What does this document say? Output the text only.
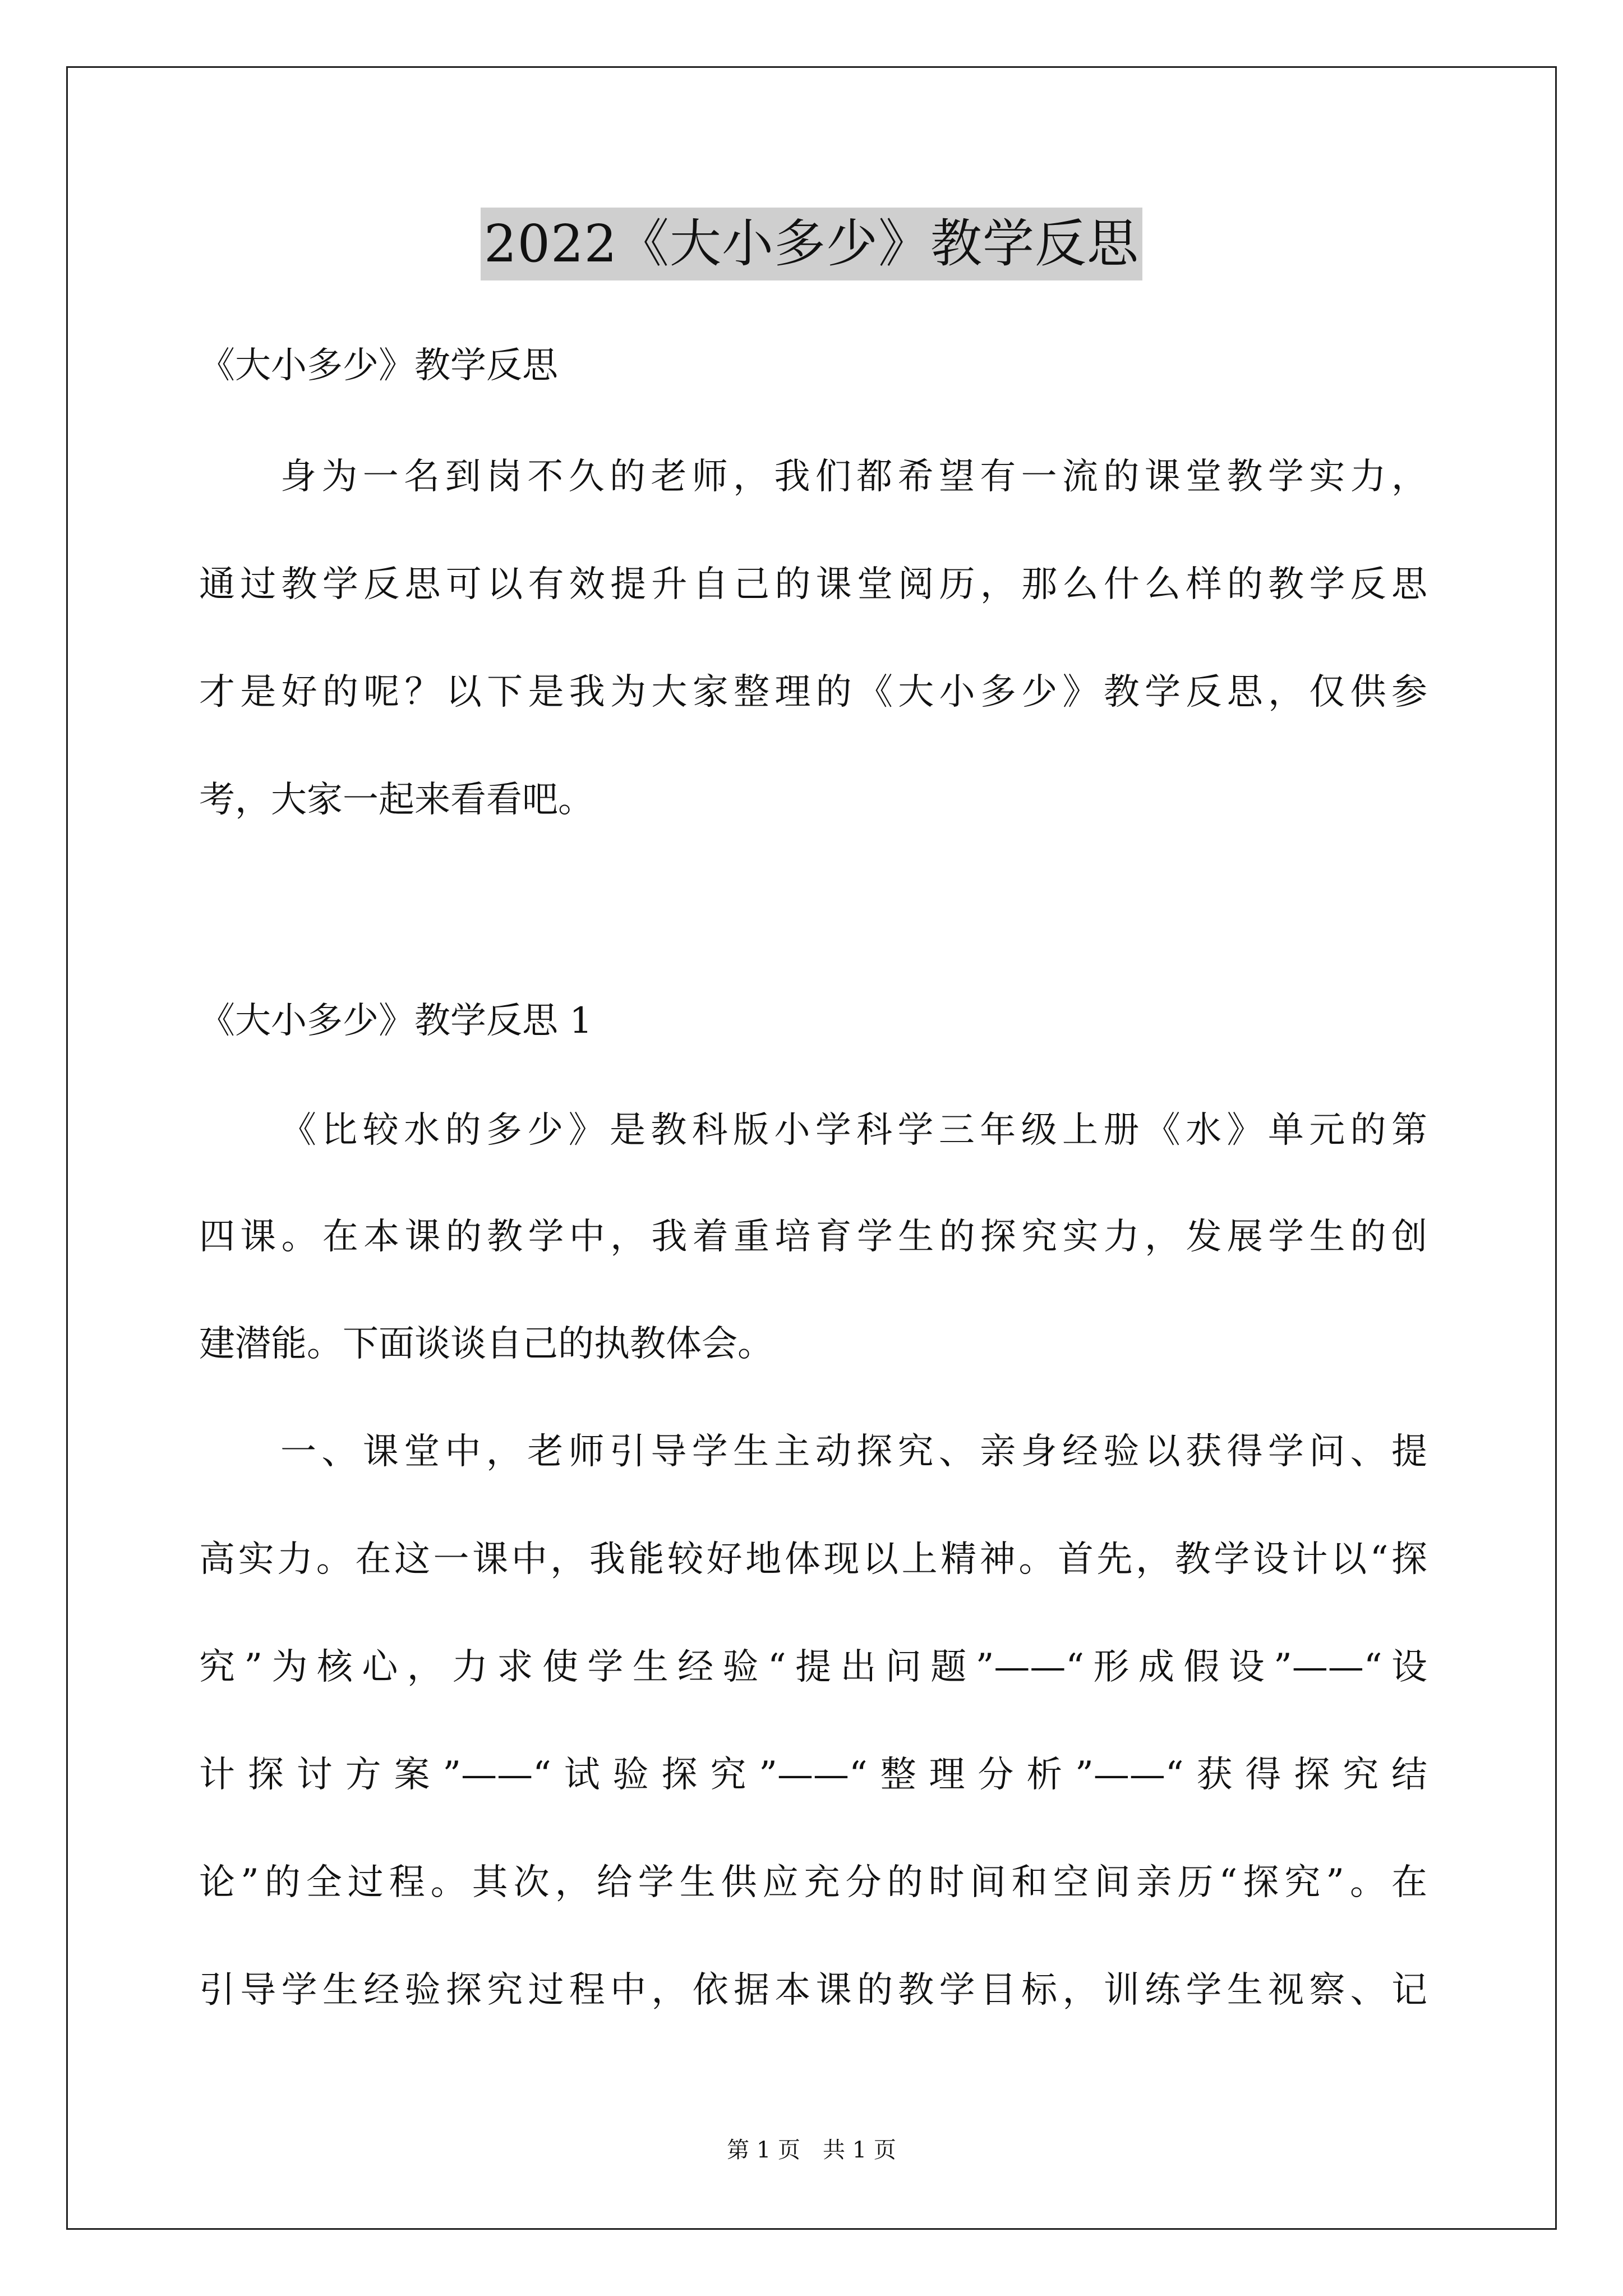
2022《大小多少》教学反思
《大小多少》教学反思
身为一名到岗不久的老师，我们都希望有一流的课堂教学实力，
通过教学反思可以有效提升自己的课堂阅历，那么什么样的教学反思
才是好的呢？以下是我为大家整理的《大小多少》教学反思，仅供参
考，大家一起来看看吧。
《大小多少》教学反思 1
《比较水的多少》是教科版小学科学三年级上册《水》单元的第
四课。在本课的教学中，我着重培育学生的探究实力，发展学生的创
建潜能。下面谈谈自己的执教体会。
一、课堂中，老师引导学生主动探究、亲身经验以获得学问、提
高实力。在这一课中，我能较好地体现以上精神。首先，教学设计以“探
究”为核心，力求使学生经验“提出问题”——“形成假设”——“设
计探讨方案”——“试验探究”——“整理分析”——“获得探究结
论”的全过程。其次，给学生供应充分的时间和空间亲历“探究”。在
引导学生经验探究过程中，依据本课的教学目标，训练学生视察、记
第 1 页　共 1 页
